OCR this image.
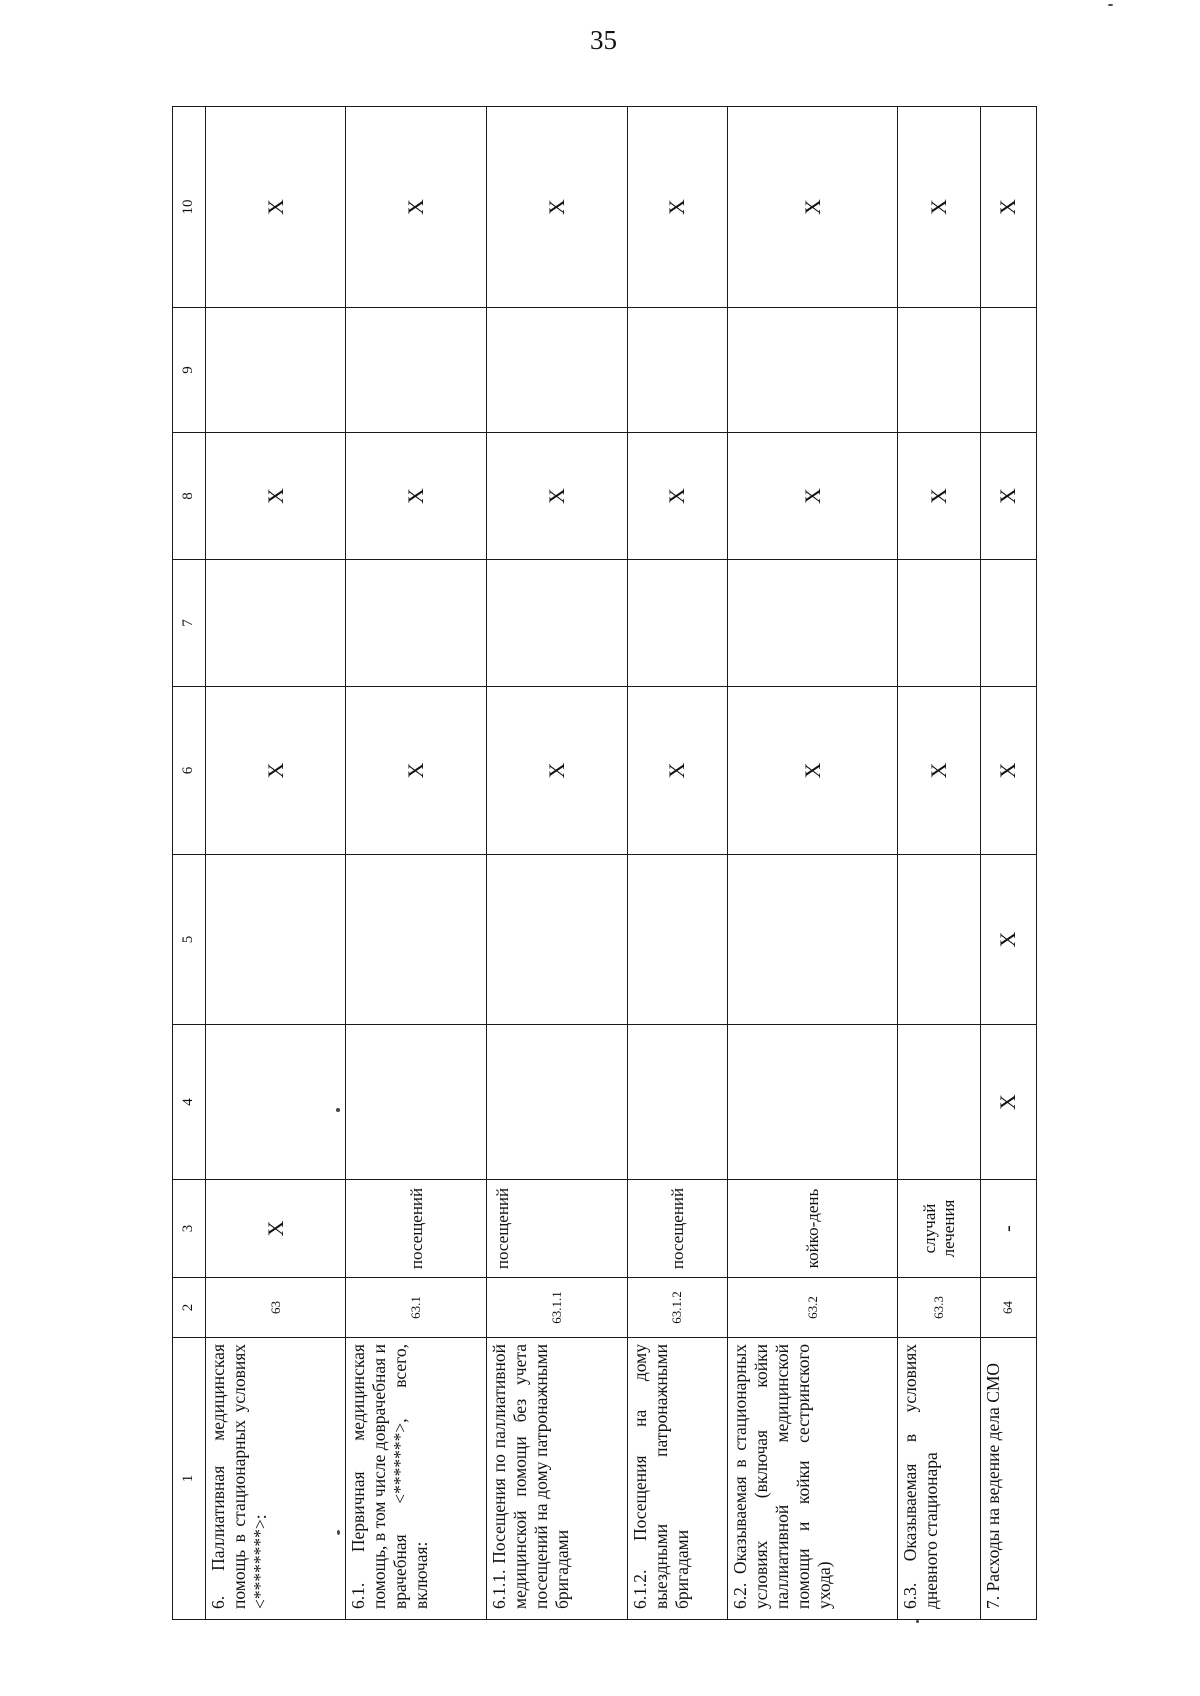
35
1	2	3	4	5	6	7	8	9	10
6. Паллиативная медицинская помощь в стационарных условиях <********>:	63	X			X		X		X
6.1. Первичная медицинская помощь, в том числе доврачебная и врачебная <*******>, всего, включая:	63.1	посещений			X		X		X
6.1.1. Посещения по паллиативной медицинской помощи без учета посещений на дому патронажными бригадами	63.1.1	посещений			X		X		X
6.1.2. Посещения на дому выездными патронажными бригадами	63.1.2	посещений			X		X		X
6.2. Оказываемая в стационарных условиях (включая койки паллиативной медицинской помощи и койки сестринского ухода)	63.2	койко-день			X		X		X
6.3. Оказываемая в условиях дневного стационара	63.3	случай лечения			X		X		X
7. Расходы на ведение дела СМО	64	-	X	X	X		X		X
